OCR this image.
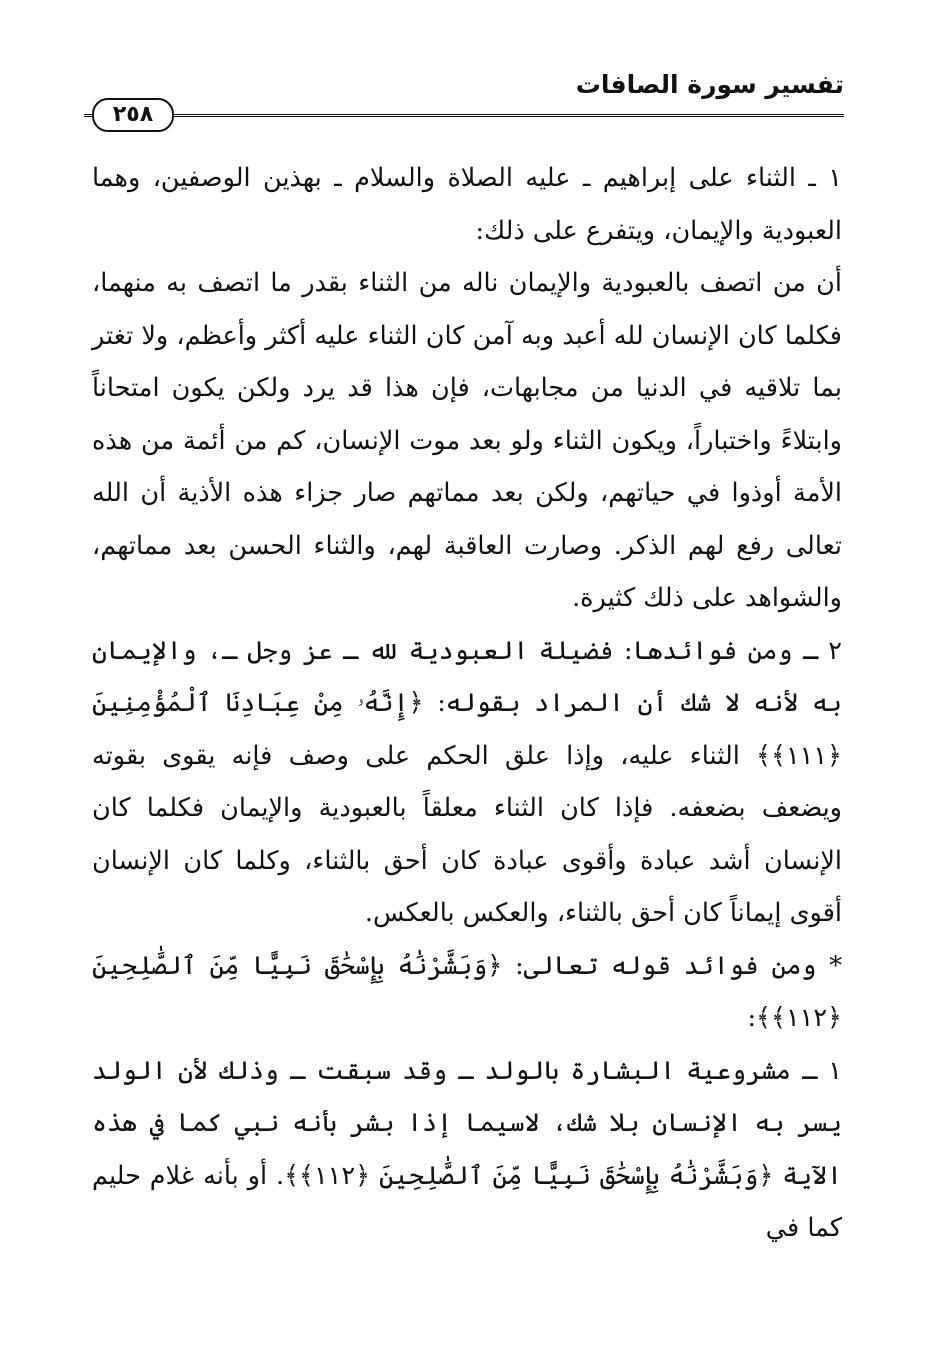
تفسير سورة الصافات
٢٥٨

١ ـ الثناء على إبراهيم ـ عليه الصلاة والسلام ـ بهذين الوصفين، وهما العبودية والإيمان، ويتفرع على ذلك:

أن من اتصف بالعبودية والإيمان ناله من الثناء بقدر ما اتصف به منهما، فكلما كان الإنسان لله أعبد وبه آمن كان الثناء عليه أكثر وأعظم، ولا تغتر بما تلاقيه في الدنيا من مجابهات، فإن هذا قد يرد ولكن يكون امتحاناً وابتلاءً واختباراً، ويكون الثناء ولو بعد موت الإنسان، كم من أئمة من هذه الأمة أوذوا في حياتهم، ولكن بعد مماتهم صار جزاء هذه الأذية أن الله تعالى رفع لهم الذكر. وصارت العاقبة لهم، والثناء الحسن بعد مماتهم، والشواهد على ذلك كثيرة.

٢ ـ ومن فوائدها: فضيلة العبودية لله ـ عز وجل ـ، والإيمان به لأنه لا شك أن المراد بقوله: ﴿إِنَّهُۥ مِنْ عِبَادِنَا ٱلْمُؤْمِنِينَ ﴿١١١﴾﴾ الثناء عليه، وإذا علق الحكم على وصف فإنه يقوى بقوته ويضعف بضعفه. فإذا كان الثناء معلقاً بالعبودية والإيمان فكلما كان الإنسان أشد عبادة وأقوى عبادة كان أحق بالثناء، وكلما كان الإنسان أقوى إيماناً كان أحق بالثناء، والعكس بالعكس.

* ومن فوائد قوله تعالى: ﴿وَبَشَّرْنَٰهُ بِإِسْحَٰقَ نَبِيًّا مِّنَ ٱلصَّٰلِحِينَ ﴿١١٢﴾﴾:

١ ـ مشروعية البشارة بالولد ـ وقد سبقت ـ وذلك لأن الولد يسر به الإنسان بلا شك، لاسيما إذا بشر بأنه نبي كما في هذه الآية ﴿وَبَشَّرْنَٰهُ بِإِسْحَٰقَ نَبِيًّا مِّنَ ٱلصَّٰلِحِينَ ﴿١١٢﴾﴾. أو بأنه غلام حليم كما في
